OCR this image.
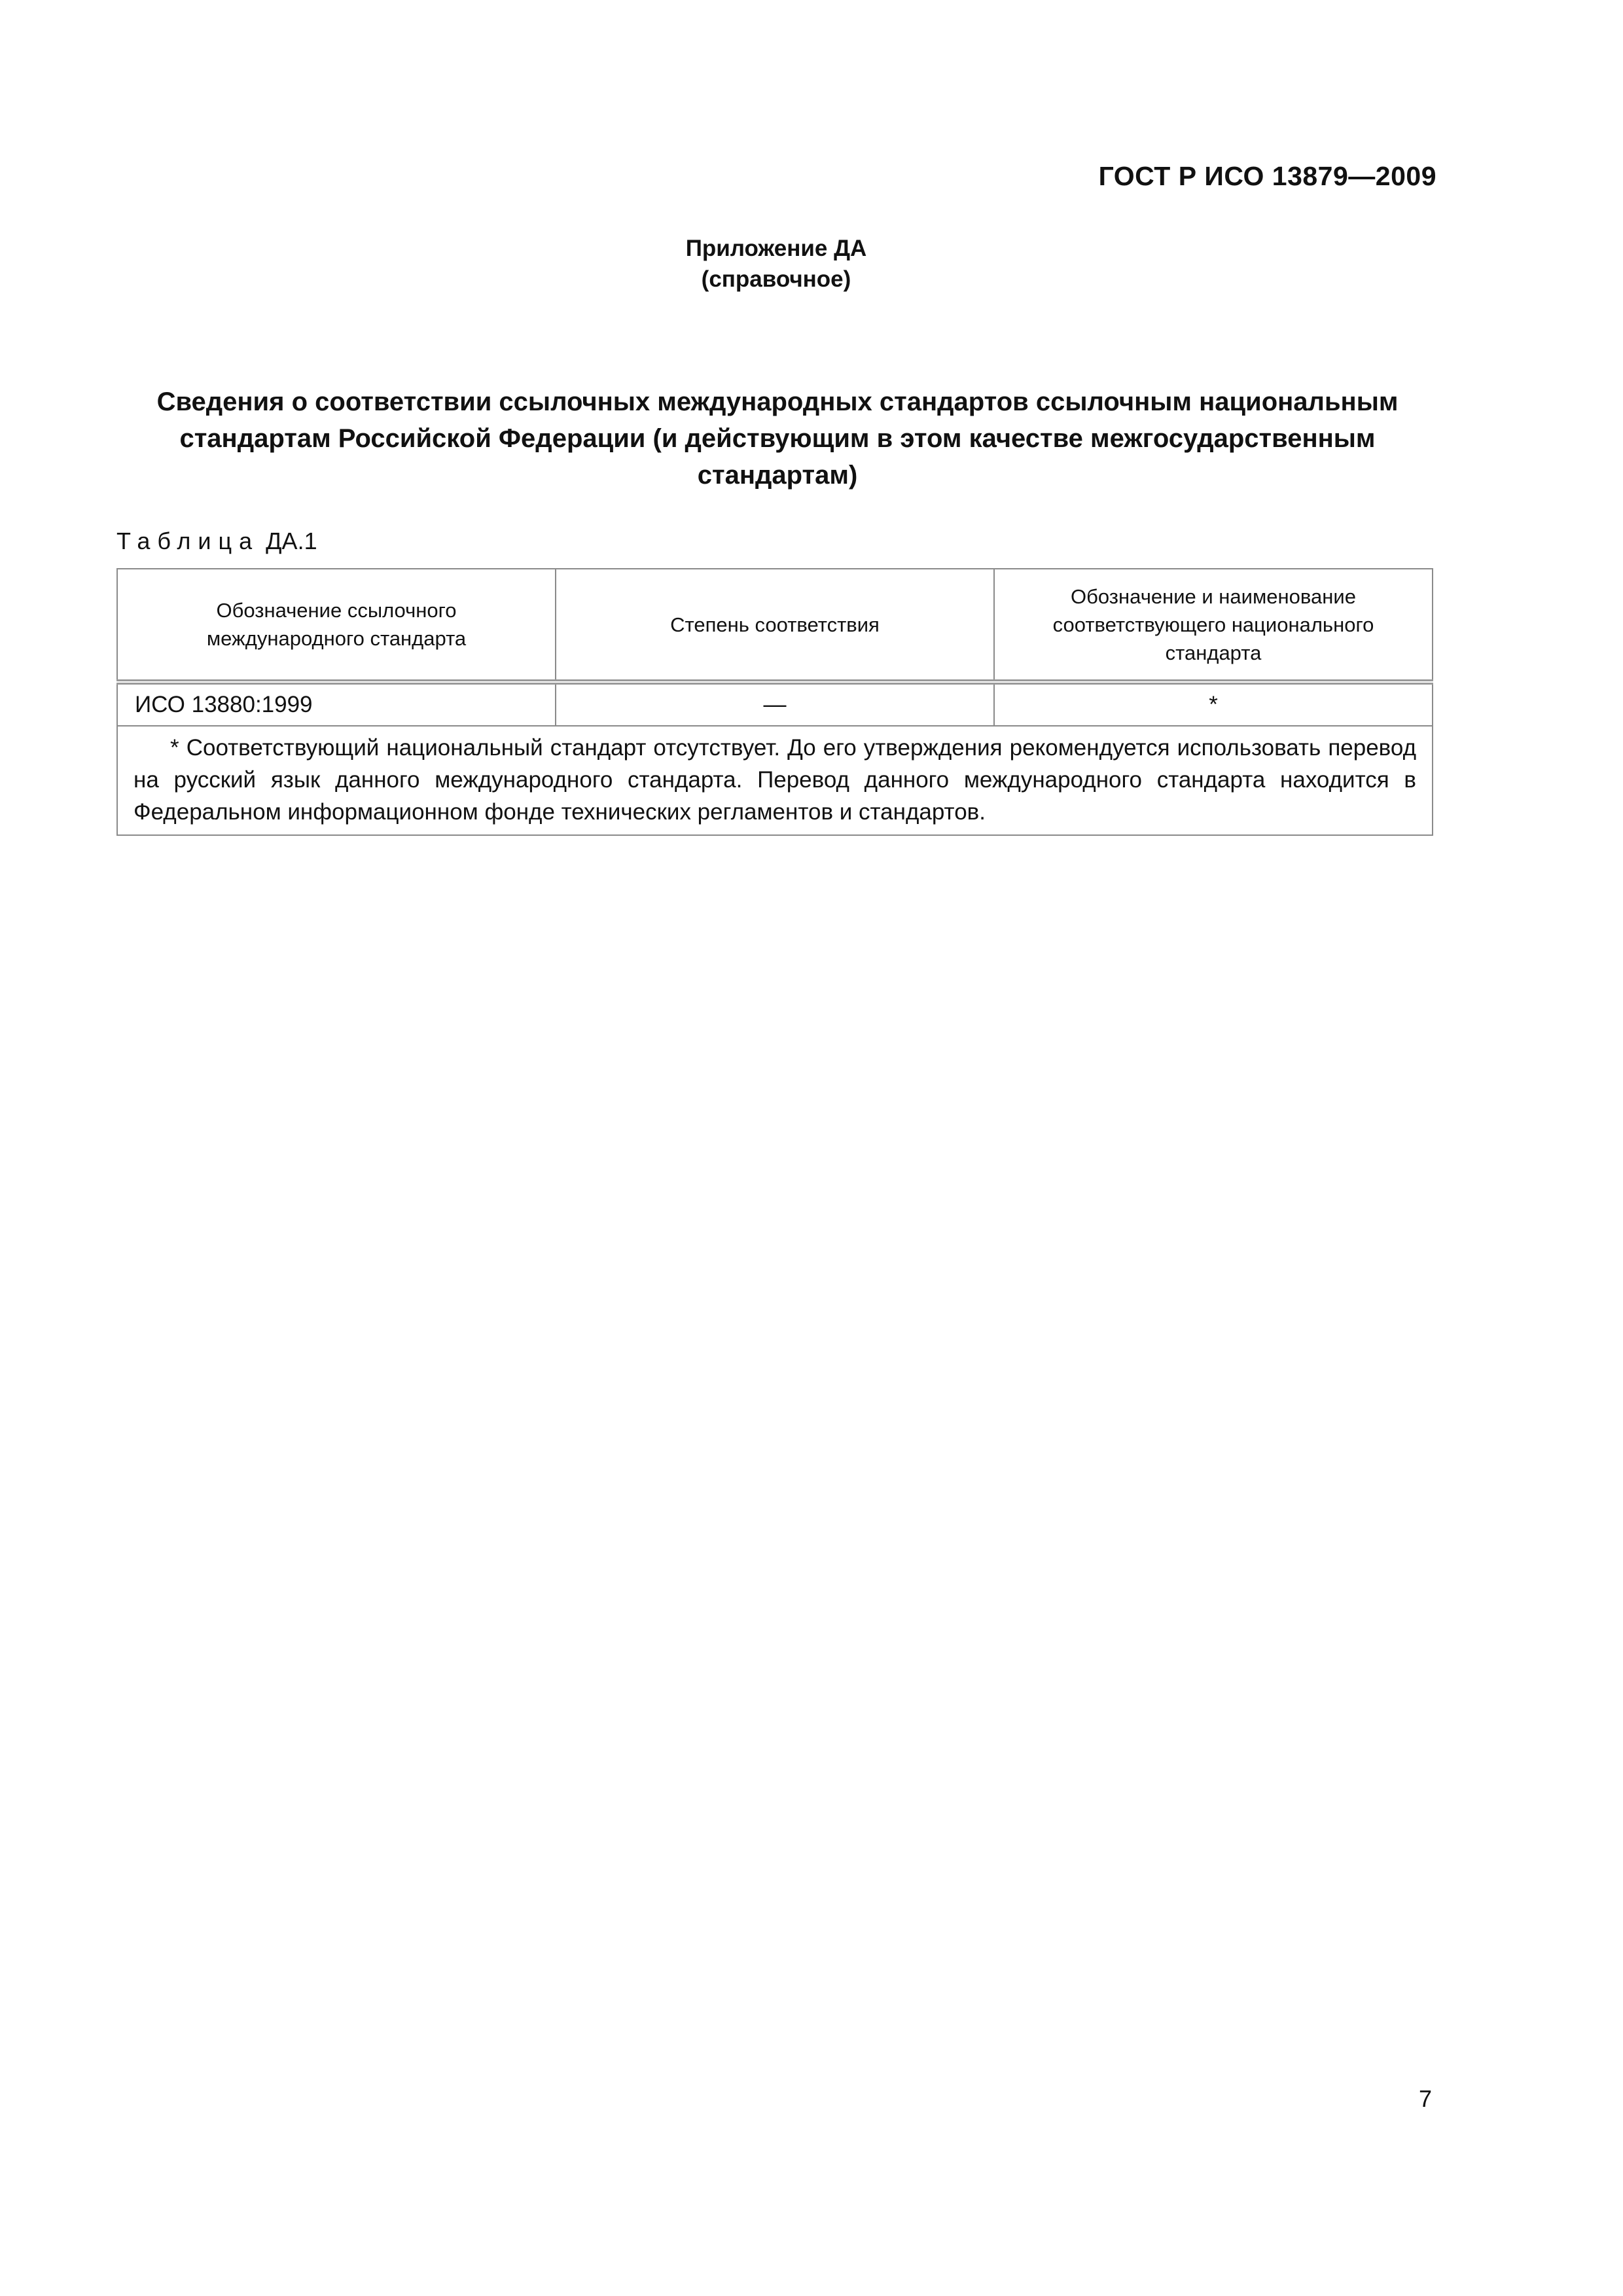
ГОСТ Р ИСО 13879—2009
Приложение ДА
(справочное)
Сведения о соответствии ссылочных международных стандартов ссылочным национальным стандартам Российской Федерации (и действующим в этом качестве межгосударственным стандартам)
Таблица ДА.1
Обозначение ссылочного международного стандарта	Степень соответствия	Обозначение и наименование соответствующего национального стандарта

ИСО 13880:1999	—	*
* Соответствующий национальный стандарт отсутствует. До его утверждения рекомендуется использовать перевод на русский язык данного международного стандарта. Перевод данного международного стандарта находится в Федеральном информационном фонде технических регламентов и стандартов.		
7
